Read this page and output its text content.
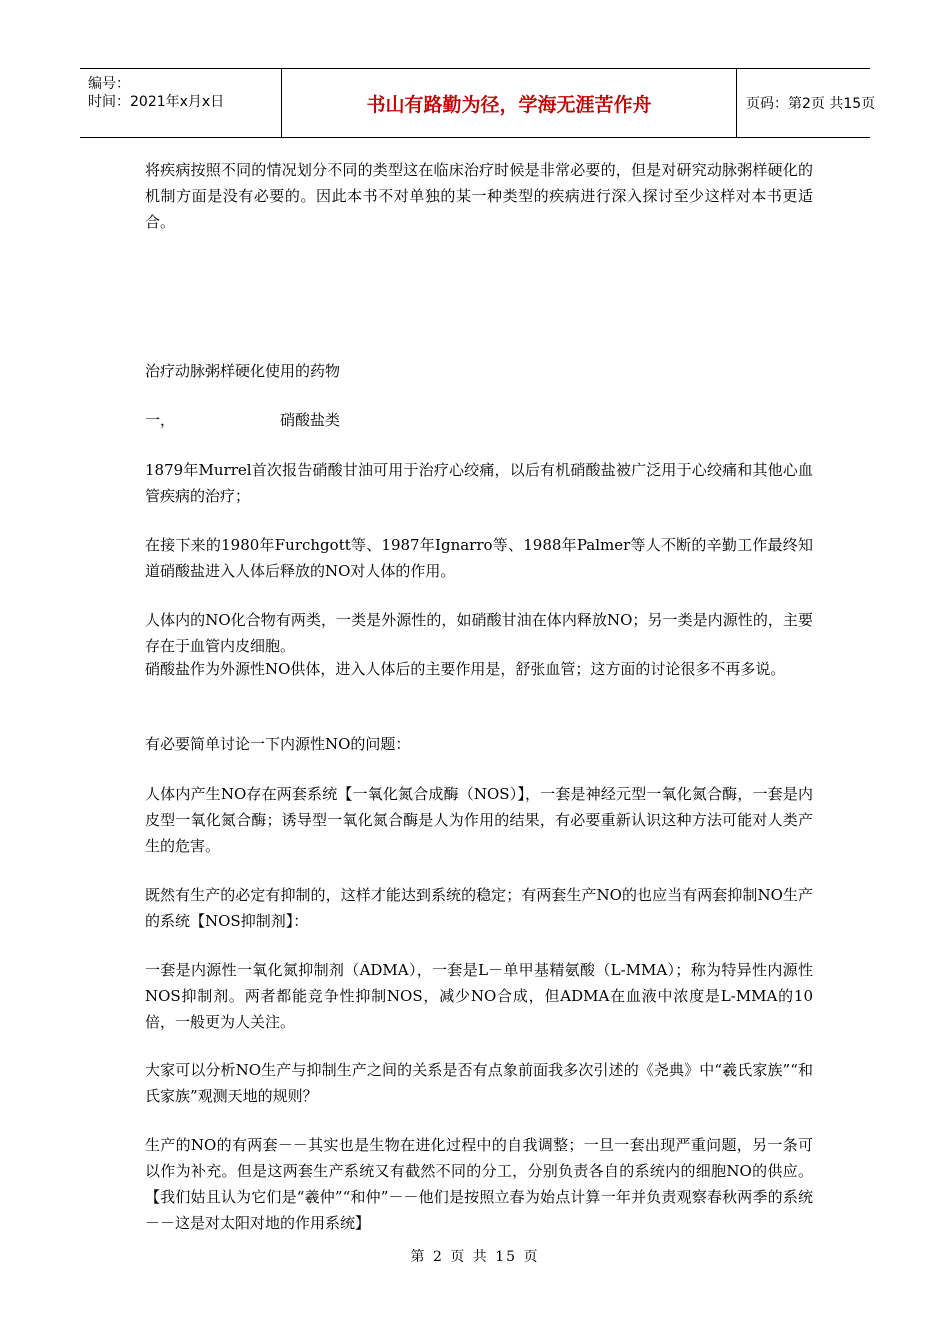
编号：
时间：2021年x月x日	书山有路勤为径，学海无涯苦作舟	页码：第2页 共15页

将疾病按照不同的情况划分不同的类型这在临床治疗时候是非常必要的，但是对研究动脉粥样硬化的机制方面是没有必要的。因此本书不对单独的某一种类型的疾病进行深入探讨至少这样对本书更适合。

治疗动脉粥样硬化使用的药物
一，	硝酸盐类

1879年Murrel首次报告硝酸甘油可用于治疗心绞痛，以后有机硝酸盐被广泛用于心绞痛和其他心血管疾病的治疗；

在接下来的1980年Furchgott等、1987年Ignarro等、1988年Palmer等人不断的辛勤工作最终知道硝酸盐进入人体后释放的NO对人体的作用。

人体内的NO化合物有两类，一类是外源性的，如硝酸甘油在体内释放NO；另一类是内源性的，主要存在于血管内皮细胞。

硝酸盐作为外源性NO供体，进入人体后的主要作用是，舒张血管；这方面的讨论很多不再多说。

有必要简单讨论一下内源性NO的问题：

人体内产生NO存在两套系统【一氧化氮合成酶（NOS）】，一套是神经元型一氧化氮合酶，一套是内皮型一氧化氮合酶；诱导型一氧化氮合酶是人为作用的结果，有必要重新认识这种方法可能对人类产生的危害。

既然有生产的必定有抑制的，这样才能达到系统的稳定；有两套生产NO的也应当有两套抑制NO生产的系统【NOS抑制剂】：

一套是内源性一氧化氮抑制剂（ADMA），一套是L－单甲基精氨酸（L-MMA）；称为特异性内源性NOS抑制剂。两者都能竞争性抑制NOS，减少NO合成，但ADMA在血液中浓度是L-MMA的10倍，一般更为人关注。

大家可以分析NO生产与抑制生产之间的关系是否有点象前面我多次引述的《尧典》中“羲氏家族”“和氏家族”观测天地的规则？

生产的NO的有两套－－其实也是生物在进化过程中的自我调整；一旦一套出现严重问题，另一条可以作为补充。但是这两套生产系统又有截然不同的分工，分别负责各自的系统内的细胞NO的供应。【我们姑且认为它们是“羲仲”“和仲”－－他们是按照立春为始点计算一年并负责观察春秋两季的系统－－这是对太阳对地的作用系统】

第 2 页 共 15 页
